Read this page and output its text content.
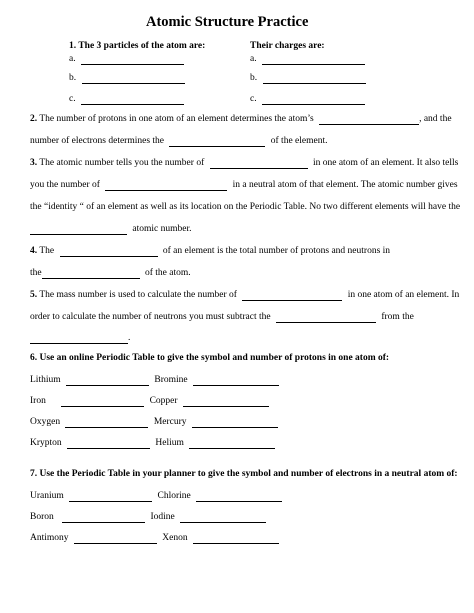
Atomic Structure Practice
1. The 3 particles of the atom are:	Their charges are:
a.	a.
b.	b.
c.	c.
2. The number of protons in one atom of an element determines the atom’s	, and the
number of electrons determines the	of the element.
3. The atomic number tells you the number of	in one atom of an element. It also tells
you the number of	in a neutral atom of that element. The atomic number gives
the “identity “ of an element as well as its location on the Periodic Table. No two different elements will have the
atomic number.
4. The	of an element is the total number of protons and neutrons in
the	of the atom.
5. The mass number is used to calculate the number of	in one atom of an element. In
order to calculate the number of neutrons you must subtract the	from the
.
6. Use an online Periodic Table to give the symbol and number of protons in one atom of:
Lithium	Bromine
Iron	Copper
Oxygen	Mercury
Krypton	Helium
7. Use the Periodic Table in your planner to give the symbol and number of electrons in a neutral atom of:
Uranium	Chlorine
Boron	Iodine
Antimony	Xenon
